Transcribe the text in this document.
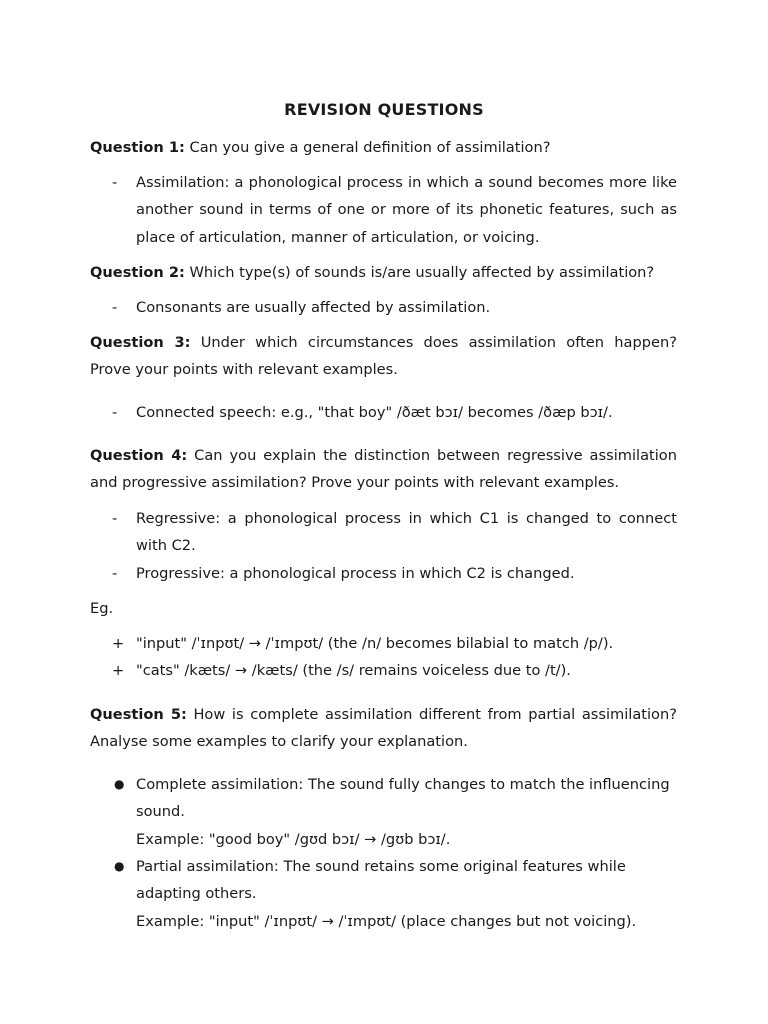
REVISION QUESTIONS

Question 1: Can you give a general definition of assimilation?

-	Assimilation: a phonological process in which a sound becomes more like another sound in terms of one or more of its phonetic features, such as place of articulation, manner of articulation, or voicing.

Question 2: Which type(s) of sounds is/are usually affected by assimilation?

-	Consonants are usually affected by assimilation.

Question 3: Under which circumstances does assimilation often happen? Prove your points with relevant examples.

-	Connected speech: e.g., "that boy" /ðæt bɔɪ/ becomes /ðæp bɔɪ/.

Question 4: Can you explain the distinction between regressive assimilation and progressive assimilation? Prove your points with relevant examples.

-	Regressive: a phonological process in which C1 is changed to connect with C2.
-	Progressive: a phonological process in which C2 is changed.
Eg.
+ "input" /ˈɪnpʊt/ → /ˈɪmpʊt/ (the /n/ becomes bilabial to match /p/).
+ "cats" /kæts/ → /kæts/ (the /s/ remains voiceless due to /t/).

Question 5: How is complete assimilation different from partial assimilation? Analyse some examples to clarify your explanation.

● Complete assimilation: The sound fully changes to match the influencing sound.
Example: "good boy" /gʊd bɔɪ/ → /gʊb bɔɪ/.
● Partial assimilation: The sound retains some original features while adapting others.
Example: "input" /ˈɪnpʊt/ → /ˈɪmpʊt/ (place changes but not voicing).
